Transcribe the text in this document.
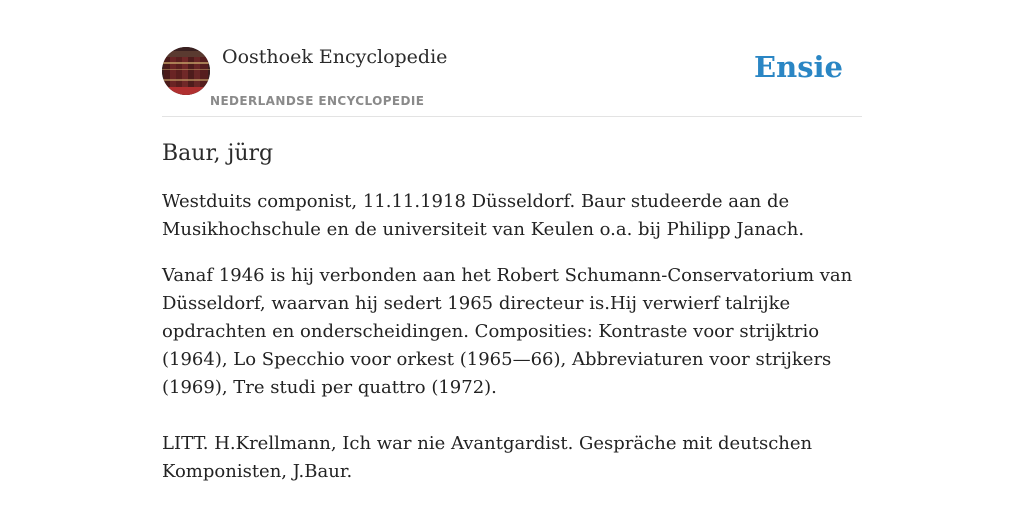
Oosthoek Encyclopedie
NEDERLANDSE ENCYCLOPEDIE
Ensie
Baur, jürg

Westduits componist, 11.11.1918 Düsseldorf. Baur studeerde aan de Musikhochschule en de universiteit van Keulen o.a. bij Philipp Janach.

Vanaf 1946 is hij verbonden aan het Robert Schumann-Conservatorium van Düsseldorf, waarvan hij sedert 1965 directeur is.Hij verwierf talrijke opdrachten en onderscheidingen. Composities: Kontraste voor strijktrio (1964), Lo Specchio voor orkest (1965—66), Abbreviaturen voor strijkers (1969), Tre studi per quattro (1972).

LITT. H.Krellmann, Ich war nie Avantgardist. Gespräche mit deutschen Komponisten, J.Baur.
